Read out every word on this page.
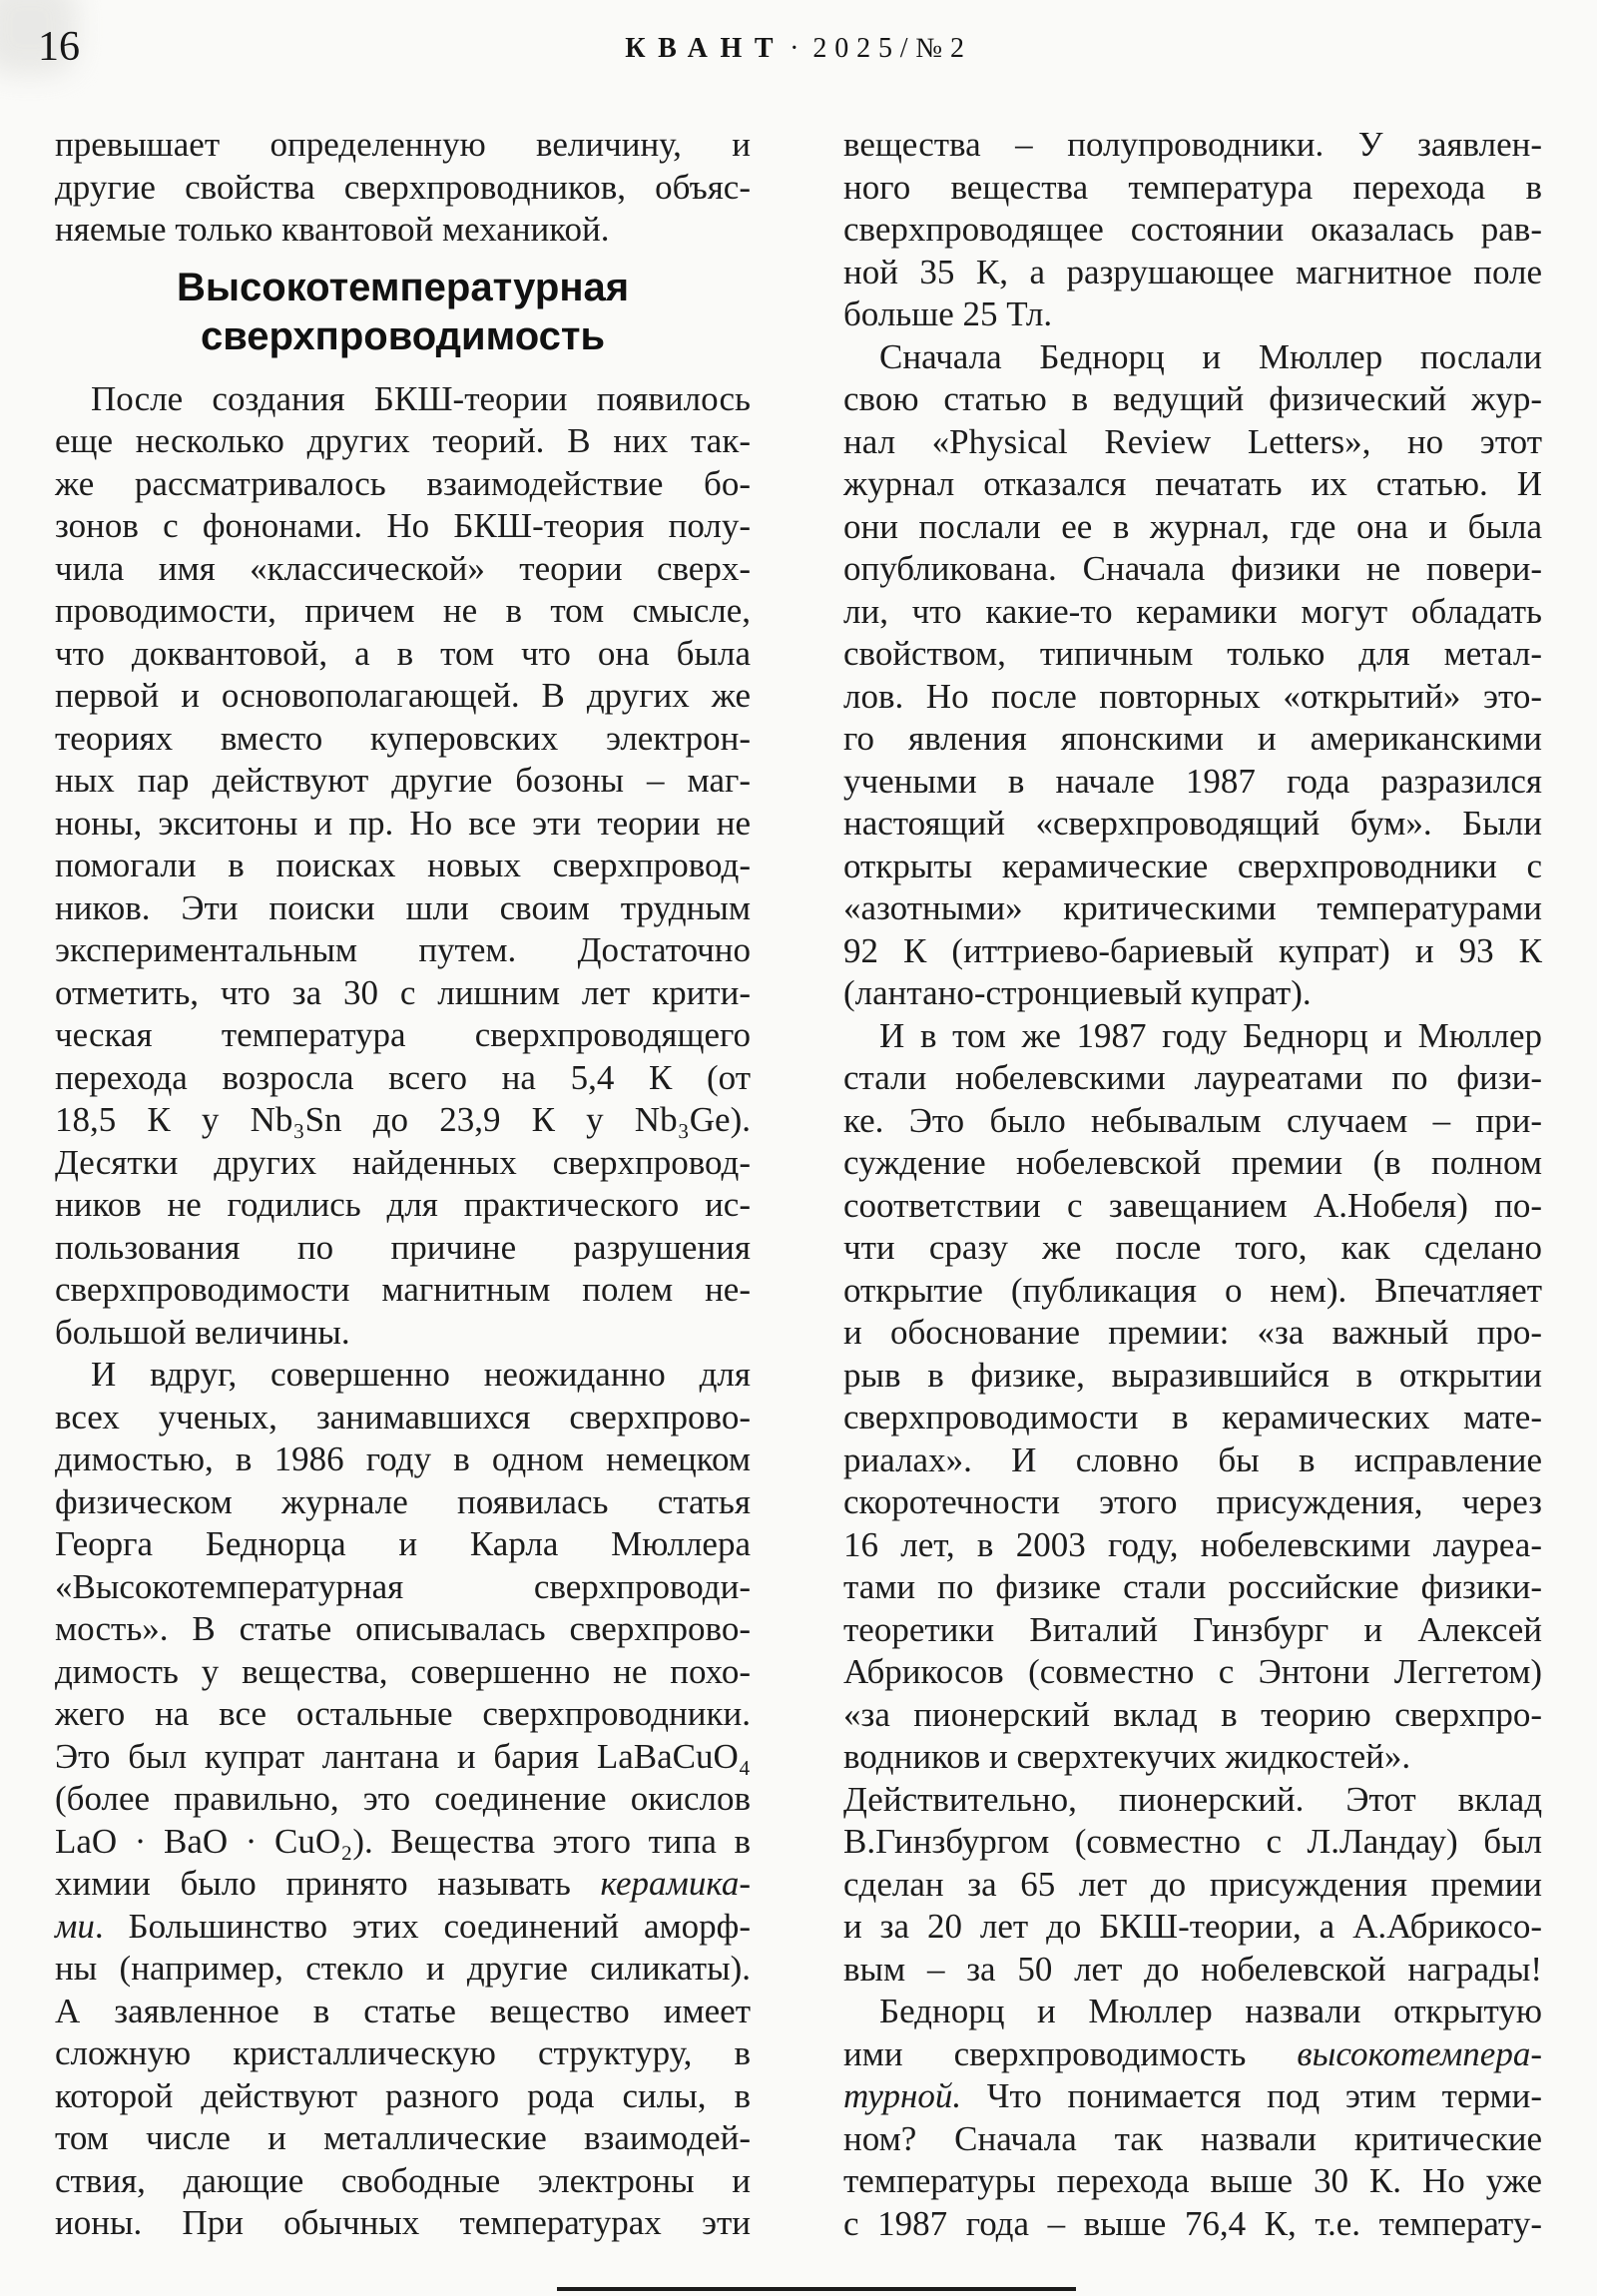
16	КВАНТ · 2025/№2
превышает определенную величину, и
другие свойства сверхпроводников, объяс-
няемые только квантовой механикой.
Высокотемпературная
сверхпроводимость
После создания БКШ-теории появилось
еще несколько других теорий. В них так-
же рассматривалось взаимодействие бо-
зонов с фононами. Но БКШ-теория полу-
чила имя «классической» теории сверх-
проводимости, причем не в том смысле,
что доквантовой, а в том что она была
первой и основополагающей. В других же
теориях вместо куперовских электрон-
ных пар действуют другие бозоны – маг-
ноны, экситоны и пр. Но все эти теории не
помогали в поисках новых сверхпровод-
ников. Эти поиски шли своим трудным
экспериментальным путем. Достаточно
отметить, что за 30 с лишним лет крити-
ческая температура сверхпроводящего
перехода возросла всего на 5,4 К (от
18,5 К у Nb₃Sn до 23,9 К у Nb₃Ge).
Десятки других найденных сверхпровод-
ников не годились для практического ис-
пользования по причине разрушения
сверхпроводимости магнитным полем не-
большой величины.
И вдруг, совершенно неожиданно для
всех ученых, занимавшихся сверхпрово-
димостью, в 1986 году в одном немецком
физическом журнале появилась статья
Георга Беднорца и Карла Мюллера
«Высокотемпературная сверхпроводи-
мость». В статье описывалась сверхпрово-
димость у вещества, совершенно не похо-
жего на все остальные сверхпроводники.
Это был купрат лантана и бария LaBaCuO₄
(более правильно, это соединение окислов
LaO · BaO · CuO₂). Вещества этого типа в
химии было принято называть керамика-
ми. Большинство этих соединений аморф-
ны (например, стекло и другие силикаты).
А заявленное в статье вещество имеет
сложную кристаллическую структуру, в
которой действуют разного рода силы, в
том числе и металлические взаимодей-
ствия, дающие свободные электроны и
ионы. При обычных температурах эти
вещества – полупроводники. У заявлен-
ного вещества температура перехода в
сверхпроводящее состоянии оказалась рав-
ной 35 К, а разрушающее магнитное поле
больше 25 Тл.
Сначала Беднорц и Мюллер послали
свою статью в ведущий физический жур-
нал «Physical Review Letters», но этот
журнал отказался печатать их статью. И
они послали ее в журнал, где она и была
опубликована. Сначала физики не повери-
ли, что какие-то керамики могут обладать
свойством, типичным только для метал-
лов. Но после повторных «открытий» это-
го явления японскими и американскими
учеными в начале 1987 года разразился
настоящий «сверхпроводящий бум». Были
открыты керамические сверхпроводники с
«азотными» критическими температурами
92 К (иттриево-бариевый купрат) и 93 К
(лантано-стронциевый купрат).
И в том же 1987 году Беднорц и Мюллер
стали нобелевскими лауреатами по физи-
ке. Это было небывалым случаем – при-
суждение нобелевской премии (в полном
соответствии с завещанием А.Нобеля) по-
чти сразу же после того, как сделано
открытие (публикация о нем). Впечатляет
и обоснование премии: «за важный про-
рыв в физике, выразившийся в открытии
сверхпроводимости в керамических мате-
риалах». И словно бы в исправление
скоротечности этого присуждения, через
16 лет, в 2003 году, нобелевскими лауреа-
тами по физике стали российские физики-
теоретики Виталий Гинзбург и Алексей
Абрикосов (совместно с Энтони Леггетом)
«за пионерский вклад в теорию сверхпро-
водников и сверхтекучих жидкостей».
Действительно, пионерский. Этот вклад
В.Гинзбургом (совместно с Л.Ландау) был
сделан за 65 лет до присуждения премии
и за 20 лет до БКШ-теории, а А.Абрикосо-
вым – за 50 лет до нобелевской награды!
Беднорц и Мюллер назвали открытую
ими сверхпроводимость высокотемпера-
турной. Что понимается под этим терми-
ном? Сначала так назвали критические
температуры перехода выше 30 К. Но уже
с 1987 года – выше 76,4 К, т.е. температу-
